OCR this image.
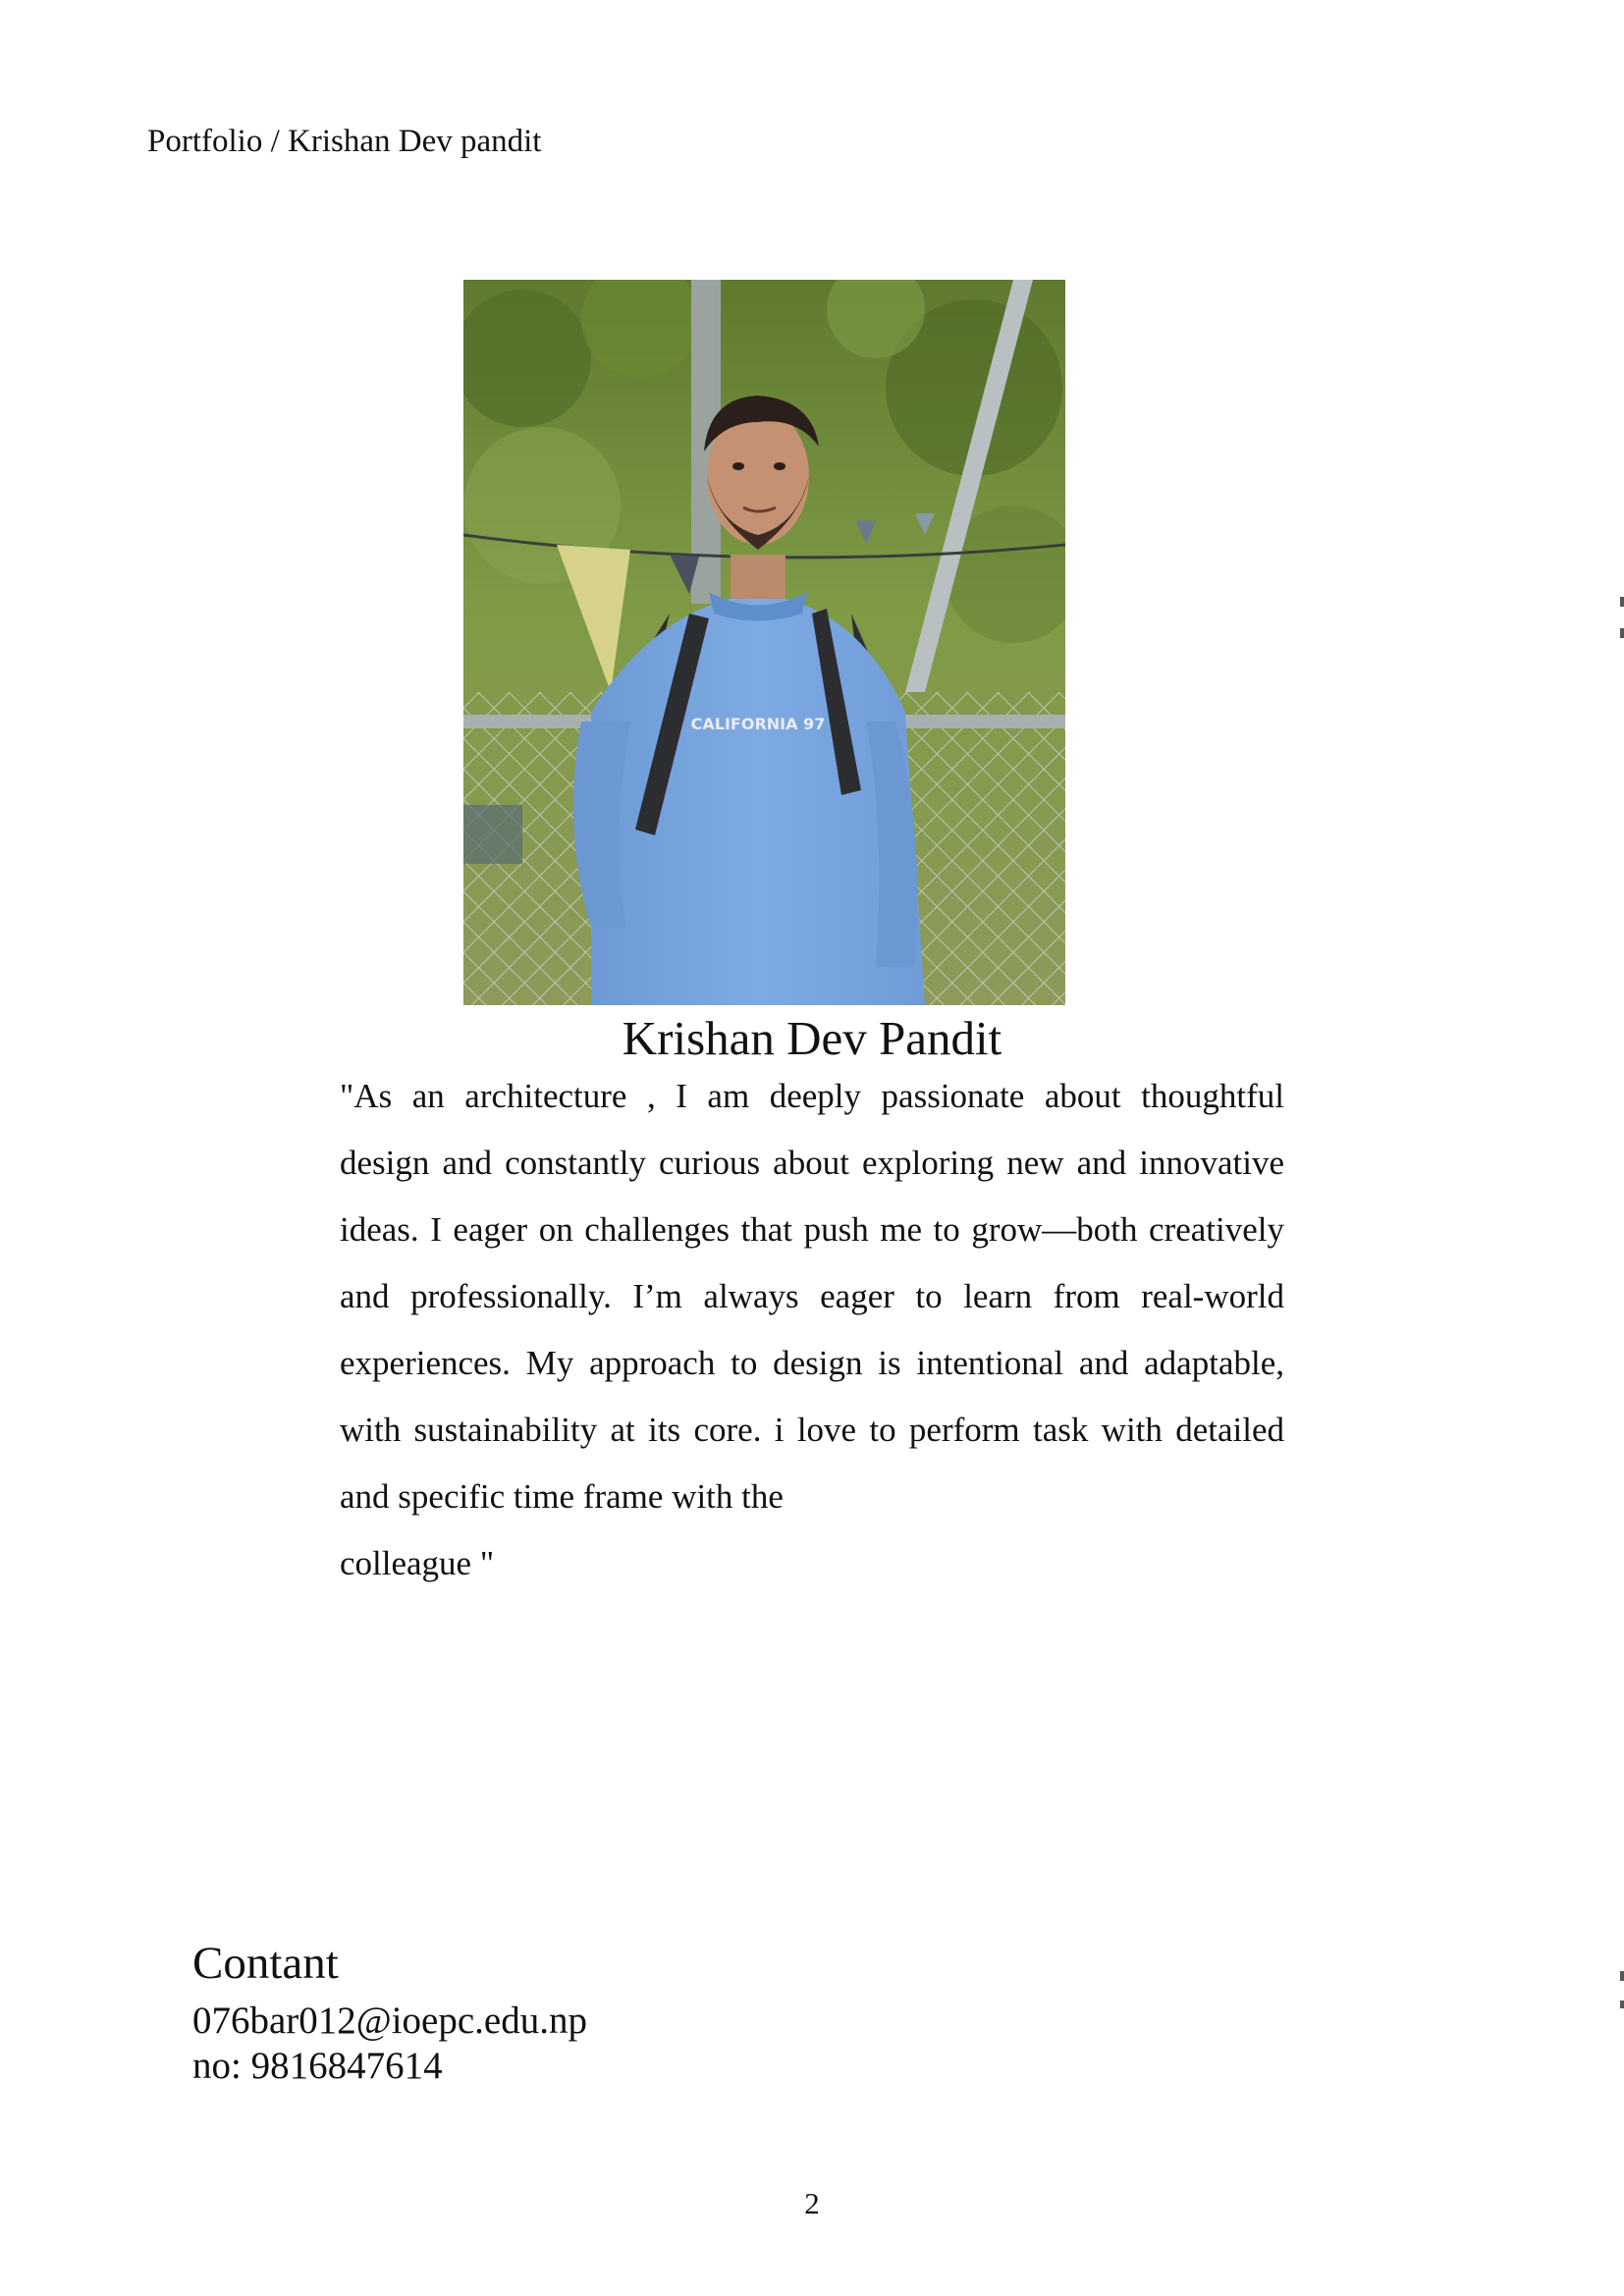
Portfolio / Krishan Dev pandit
CALIFORNIA 97
Krishan Dev Pandit
"As an architecture , I am deeply passionate about thoughtful
design and constantly curious about exploring new and innovative
ideas. I eager on challenges that push me to grow—both creatively
and professionally. I’m always eager to learn from real-world
experiences. My approach to design is intentional and adaptable,
with sustainability at its core. i love to perform task with detailed
and specific time frame with the
colleague "
Contant
076bar012@ioepc.edu.np
no: 9816847614
2
